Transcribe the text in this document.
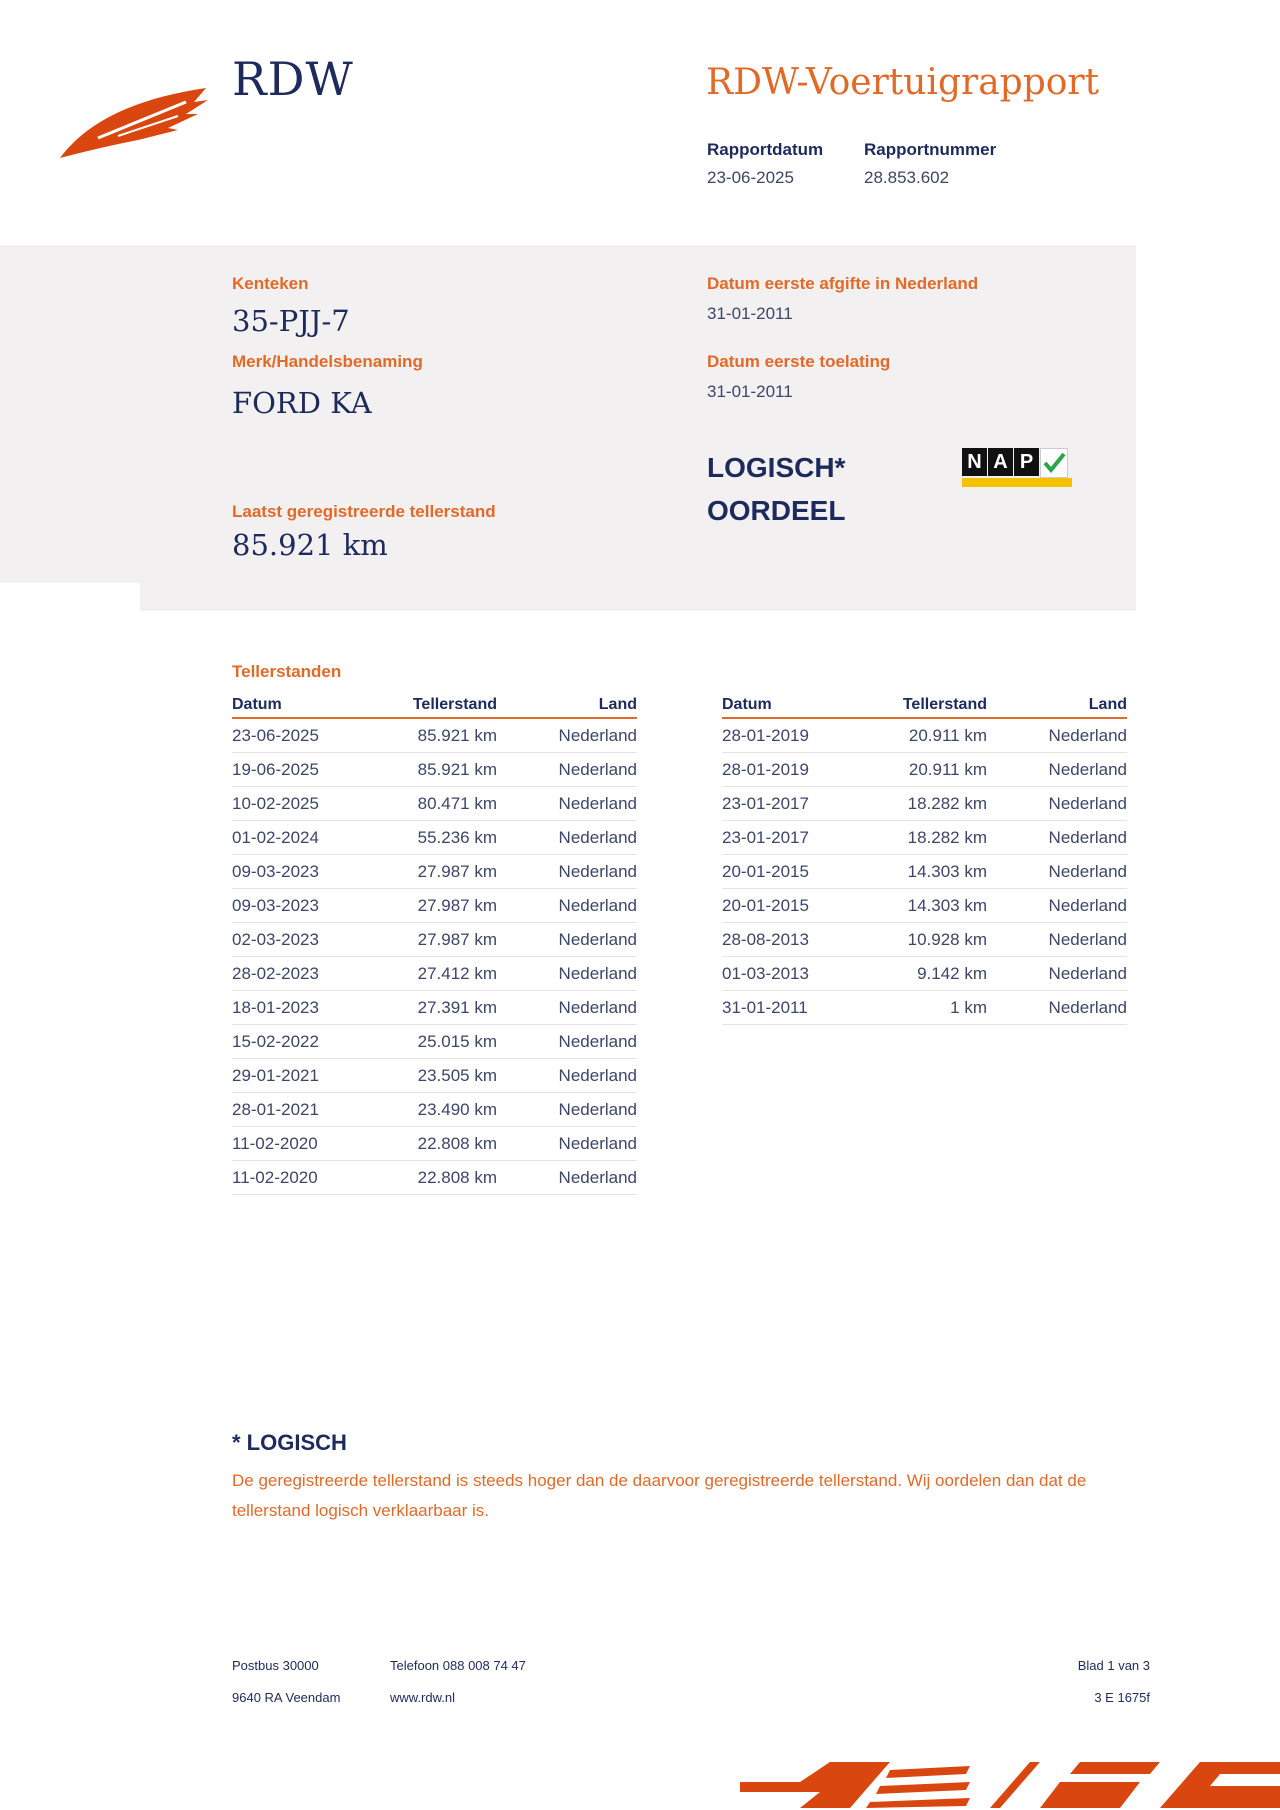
RDW	RDW-Voertuigrapport
Rapportdatum
23-06-2025
Rapportnummer
28.853.602
Kenteken
35-PJJ-7
Merk/Handelsbenaming
FORD KA
Laatst geregistreerde tellerstand
85.921 km
Datum eerste afgifte in Nederland
31-01-2011
Datum eerste toelating
31-01-2011
LOGISCH*
OORDEEL
N A P
Tellerstanden
Datum	Tellerstand	Land
23-06-2025	85.921 km	Nederland
19-06-2025	85.921 km	Nederland
10-02-2025	80.471 km	Nederland
01-02-2024	55.236 km	Nederland
09-03-2023	27.987 km	Nederland
09-03-2023	27.987 km	Nederland
02-03-2023	27.987 km	Nederland
28-02-2023	27.412 km	Nederland
18-01-2023	27.391 km	Nederland
15-02-2022	25.015 km	Nederland
29-01-2021	23.505 km	Nederland
28-01-2021	23.490 km	Nederland
11-02-2020	22.808 km	Nederland
11-02-2020	22.808 km	Nederland
Datum	Tellerstand	Land
28-01-2019	20.911 km	Nederland
28-01-2019	20.911 km	Nederland
23-01-2017	18.282 km	Nederland
23-01-2017	18.282 km	Nederland
20-01-2015	14.303 km	Nederland
20-01-2015	14.303 km	Nederland
28-08-2013	10.928 km	Nederland
01-03-2013	9.142 km	Nederland
31-01-2011	1 km	Nederland
* LOGISCH
De geregistreerde tellerstand is steeds hoger dan de daarvoor geregistreerde tellerstand. Wij oordelen dan dat de tellerstand logisch verklaarbaar is.
Postbus 30000
9640 RA Veendam
Telefoon 088 008 74 47
www.rdw.nl
Blad 1 van 3
3 E 1675f
